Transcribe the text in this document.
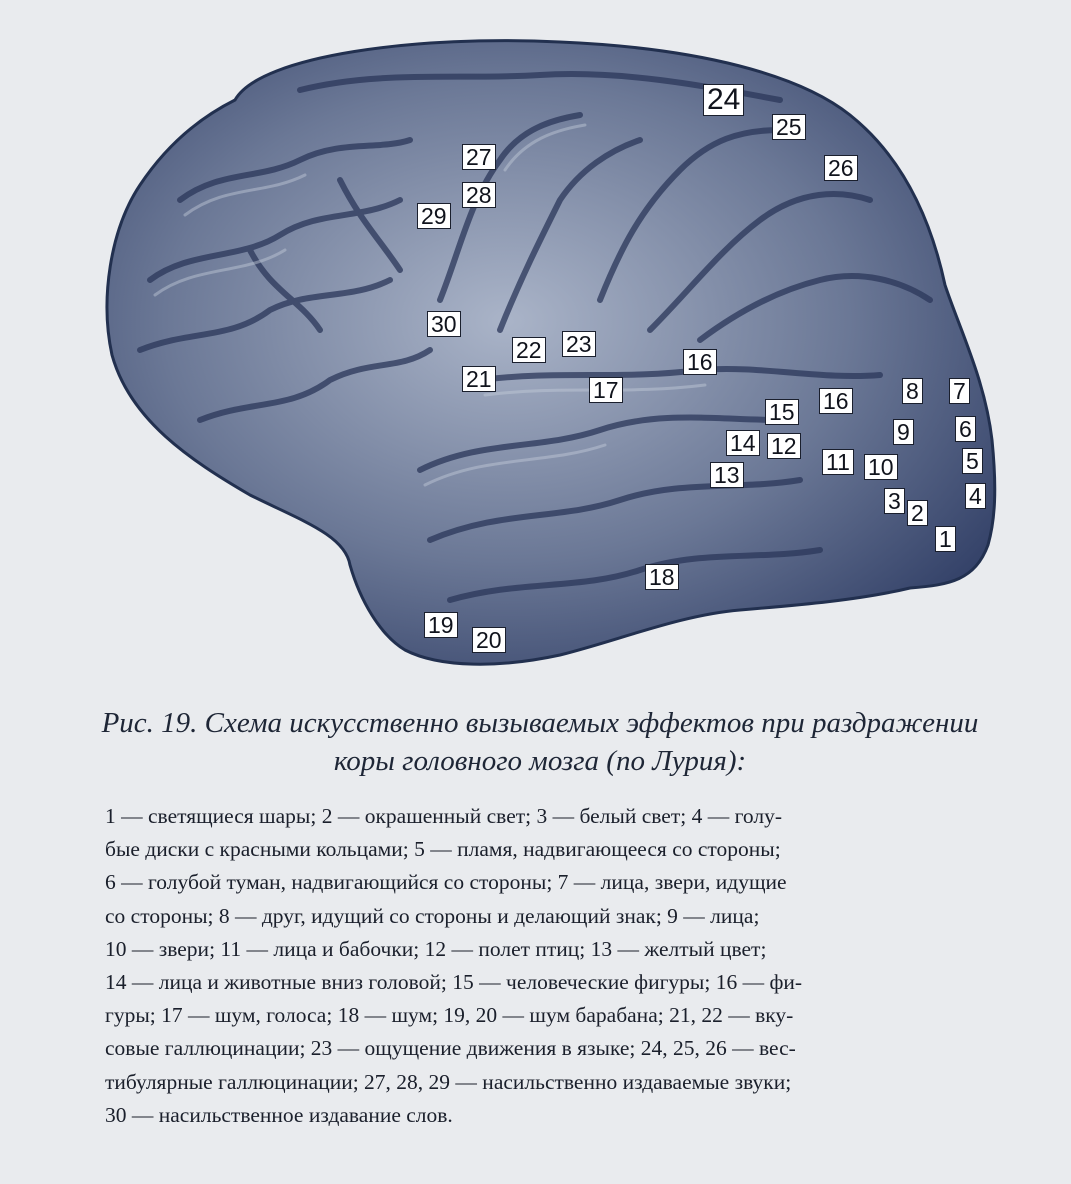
24
25
26
27
28
29
30
22 23
21
16
17	16 8 7
15
9 6
14 12
11 10	5
13
4
3 2
1
18
19
20
Рис. 19. Схема искусственно вызываемых эффектов при раздражении
коры головного мозга (по Лурия):
1 — светящиеся шары; 2 — окрашенный свет; 3 — белый свет; 4 — голу-
бые диски с красными кольцами; 5 — пламя, надвигающееся со стороны;
6 — голубой туман, надвигающийся со стороны; 7 — лица, звери, идущие
со стороны; 8 — друг, идущий со стороны и делающий знак; 9 — лица;
10 — звери; 11 — лица и бабочки; 12 — полет птиц; 13 — желтый цвет;
14 — лица и животные вниз головой; 15 — человеческие фигуры; 16 — фи-
гуры; 17 — шум, голоса; 18 — шум; 19, 20 — шум барабана; 21, 22 — вку-
совые галлюцинации; 23 — ощущение движения в языке; 24, 25, 26 — вес-
тибулярные галлюцинации; 27, 28, 29 — насильственно издаваемые звуки;
30 — насильственное издавание слов.
